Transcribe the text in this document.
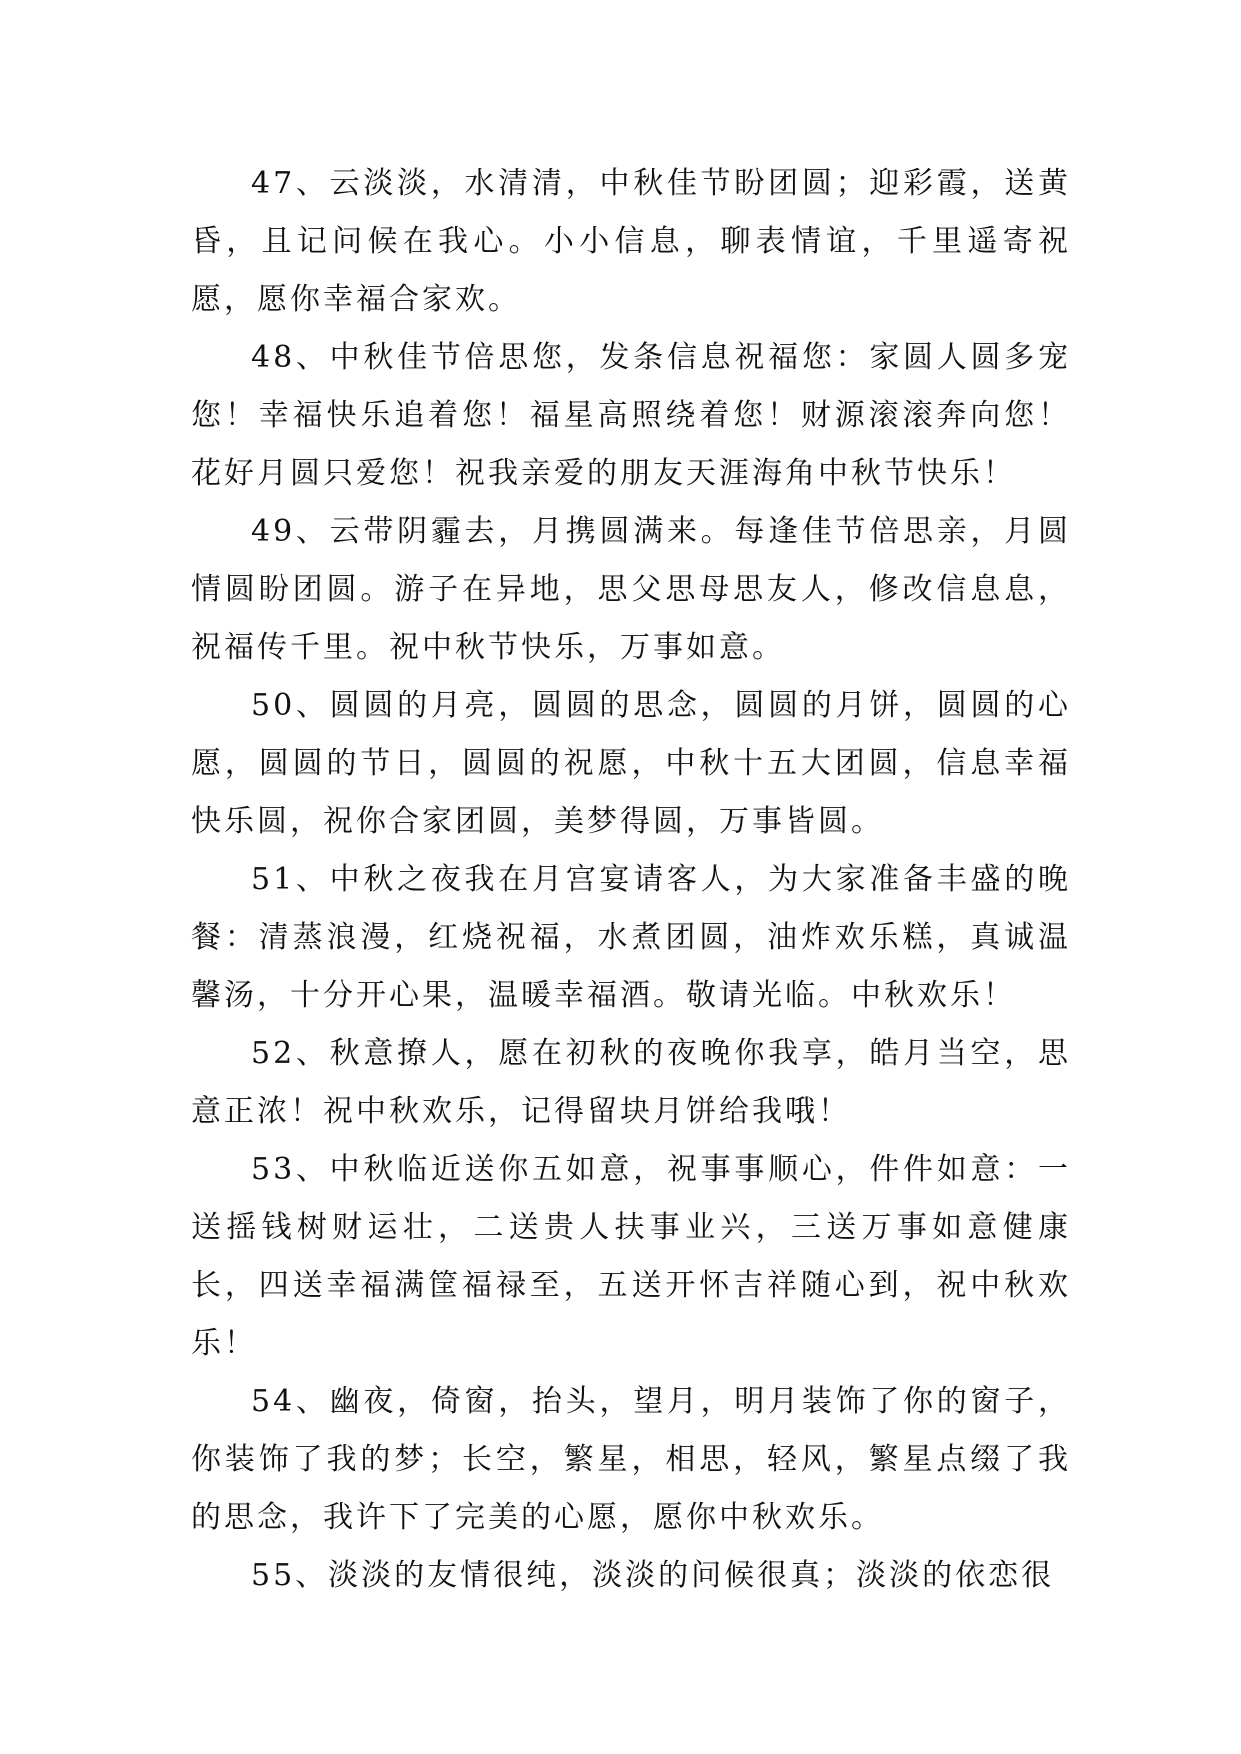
47、云淡淡，水清清，中秋佳节盼团圆；迎彩霞，送黄昏，且记问候在我心。小小信息，聊表情谊，千里遥寄祝愿，愿你幸福合家欢。

48、中秋佳节倍思您，发条信息祝福您：家圆人圆多宠您！幸福快乐追着您！福星高照绕着您！财源滚滚奔向您！花好月圆只爱您！祝我亲爱的朋友天涯海角中秋节快乐！

49、云带阴霾去，月携圆满来。每逢佳节倍思亲，月圆情圆盼团圆。游子在异地，思父思母思友人，修改信息息，祝福传千里。祝中秋节快乐，万事如意。

50、圆圆的月亮，圆圆的思念，圆圆的月饼，圆圆的心愿，圆圆的节日，圆圆的祝愿，中秋十五大团圆，信息幸福快乐圆，祝你合家团圆，美梦得圆，万事皆圆。

51、中秋之夜我在月宫宴请客人，为大家准备丰盛的晚餐：清蒸浪漫，红烧祝福，水煮团圆，油炸欢乐糕，真诚温馨汤，十分开心果，温暖幸福酒。敬请光临。中秋欢乐！

52、秋意撩人，愿在初秋的夜晚你我享，皓月当空，思意正浓！祝中秋欢乐，记得留块月饼给我哦！

53、中秋临近送你五如意，祝事事顺心，件件如意：一送摇钱树财运壮，二送贵人扶事业兴，三送万事如意健康长，四送幸福满筐福禄至，五送开怀吉祥随心到，祝中秋欢乐！

54、幽夜，倚窗，抬头，望月，明月装饰了你的窗子，你装饰了我的梦；长空，繁星，相思，轻风，繁星点缀了我的思念，我许下了完美的心愿，愿你中秋欢乐。

55、淡淡的友情很纯，淡淡的问候很真；淡淡的依恋很
